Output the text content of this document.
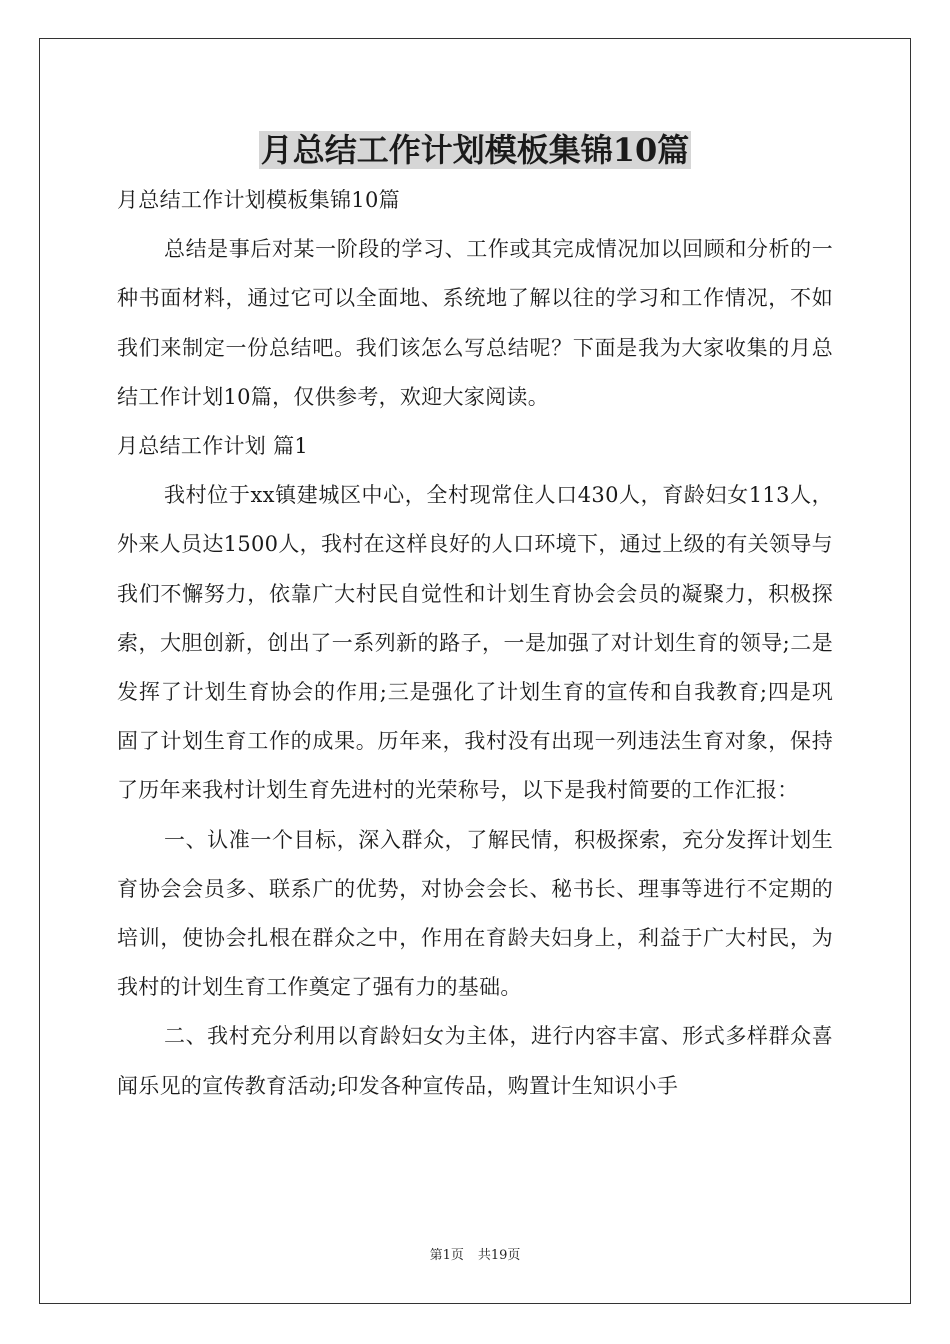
月总结工作计划模板集锦10篇

月总结工作计划模板集锦10篇

总结是事后对某一阶段的学习、工作或其完成情况加以回顾和分析的一种书面材料，通过它可以全面地、系统地了解以往的学习和工作情况，不如我们来制定一份总结吧。我们该怎么写总结呢？下面是我为大家收集的月总结工作计划10篇，仅供参考，欢迎大家阅读。

月总结工作计划 篇1

我村位于xx镇建城区中心，全村现常住人口430人，育龄妇女113人，外来人员达1500人，我村在这样良好的人口环境下，通过上级的有关领导与我们不懈努力，依靠广大村民自觉性和计划生育协会会员的凝聚力，积极探索，大胆创新，创出了一系列新的路子，一是加强了对计划生育的领导;二是发挥了计划生育协会的作用;三是强化了计划生育的宣传和自我教育;四是巩固了计划生育工作的成果。历年来，我村没有出现一列违法生育对象，保持了历年来我村计划生育先进村的光荣称号，以下是我村简要的工作汇报：

一、认准一个目标，深入群众，了解民情，积极探索，充分发挥计划生育协会会员多、联系广的优势，对协会会长、秘书长、理事等进行不定期的培训，使协会扎根在群众之中，作用在育龄夫妇身上，利益于广大村民，为我村的计划生育工作奠定了强有力的基础。

二、我村充分利用以育龄妇女为主体，进行内容丰富、形式多样群众喜闻乐见的宣传教育活动;印发各种宣传品，购置计生知识小手

第1页 共19页
